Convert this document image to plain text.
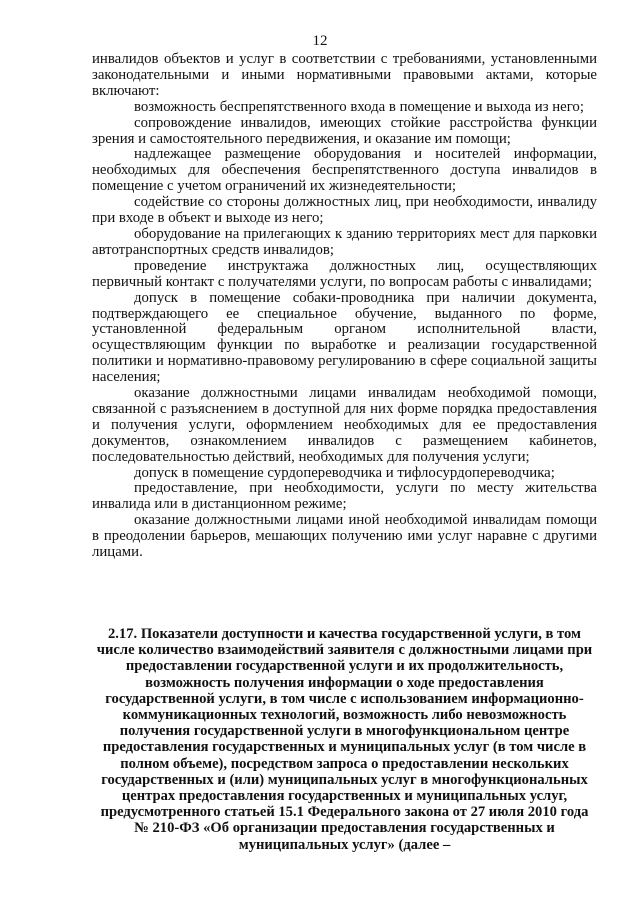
12

инвалидов объектов и услуг в соответствии с требованиями, установленными законодательными и иными нормативными правовыми актами, которые включают:

возможность беспрепятственного входа в помещение и выхода из него;

сопровождение инвалидов, имеющих стойкие расстройства функции зрения и самостоятельного передвижения, и оказание им помощи;

надлежащее размещение оборудования и носителей информации, необходимых для обеспечения беспрепятственного доступа инвалидов в помещение с учетом ограничений их жизнедеятельности;

содействие со стороны должностных лиц, при необходимости, инвалиду при входе в объект и выходе из него;

оборудование на прилегающих к зданию территориях мест для парковки автотранспортных средств инвалидов;

проведение инструктажа должностных лиц, осуществляющих первичный контакт с получателями услуги, по вопросам работы с инвалидами;

допуск в помещение собаки-проводника при наличии документа, подтверждающего ее специальное обучение, выданного по форме, установленной федеральным органом исполнительной власти, осуществляющим функции по выработке и реализации государственной политики и нормативно-правовому регулированию в сфере социальной защиты населения;

оказание должностными лицами инвалидам необходимой помощи, связанной с разъяснением в доступной для них форме порядка предоставления и получения услуги, оформлением необходимых для ее предоставления документов, ознакомлением инвалидов с размещением кабинетов, последовательностью действий, необходимых для получения услуги;

допуск в помещение сурдопереводчика и тифлосурдопереводчика;

предоставление, при необходимости, услуги по месту жительства инвалида или в дистанционном режиме;

оказание должностными лицами иной необходимой инвалидам помощи в преодолении барьеров, мешающих получению ими услуг наравне с другими лицами.

2.17. Показатели доступности и качества государственной услуги, в том числе количество взаимодействий заявителя с должностными лицами при предоставлении государственной услуги и их продолжительность, возможность получения информации о ходе предоставления государственной услуги, в том числе с использованием информационно-коммуникационных технологий, возможность либо невозможность получения государственной услуги в многофункциональном центре предоставления государственных и муниципальных услуг (в том числе в полном объеме), посредством запроса о предоставлении нескольких государственных и (или) муниципальных услуг в многофункциональных центрах предоставления государственных и муниципальных услуг, предусмотренного статьей 15.1 Федерального закона от 27 июля 2010 года № 210-ФЗ «Об организации предоставления государственных и муниципальных услуг» (далее –
